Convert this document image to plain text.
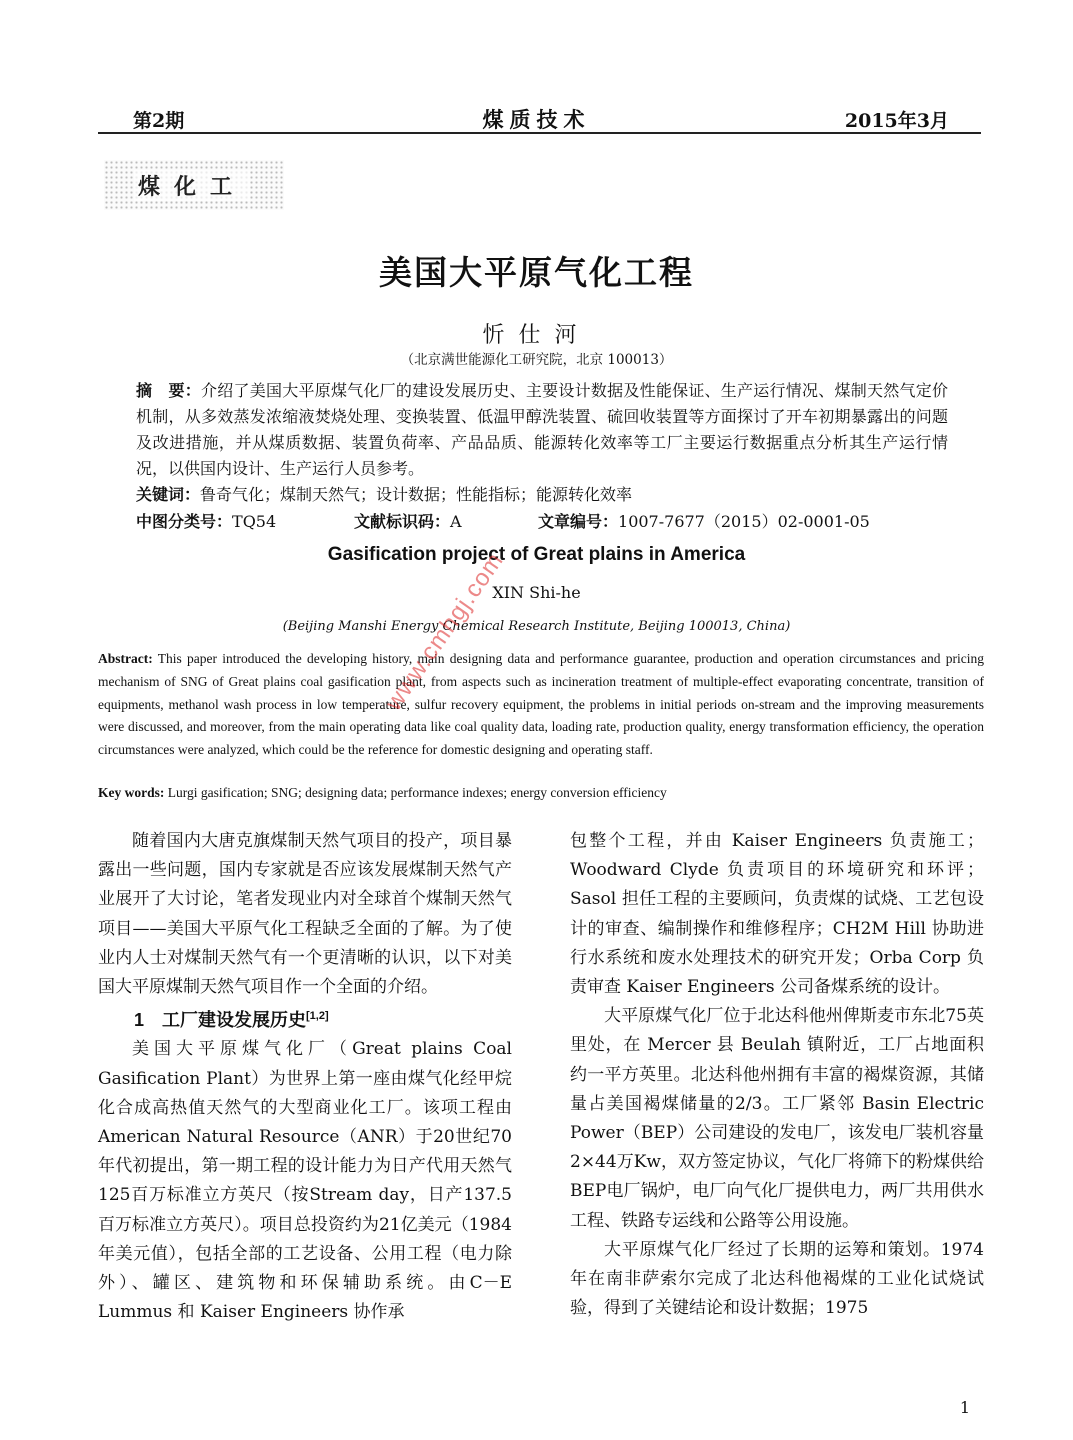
第2期	煤质技术	2015年3月
煤化工
美国大平原气化工程
忻仕河
（北京满世能源化工研究院，北京 100013）
摘　要：介绍了美国大平原煤气化厂的建设发展历史、主要设计数据及性能保证、生产运行情况、煤制天然气定价机制，从多效蒸发浓缩液焚烧处理、变换装置、低温甲醇洗装置、硫回收装置等方面探讨了开车初期暴露出的问题及改进措施，并从煤质数据、装置负荷率、产品品质、能源转化效率等工厂主要运行数据重点分析其生产运行情况，以供国内设计、生产运行人员参考。
关键词：鲁奇气化；煤制天然气；设计数据；性能指标；能源转化效率
中图分类号：TQ54	文献标识码：A	文章编号：1007-7677（2015）02-0001-05
Gasification project of Great plains in America
XIN Shi-he
(Beijing Manshi Energy Chemical Research Institute, Beijing 100013, China)
Abstract: This paper introduced the developing history, main designing data and performance guarantee, production and operation circumstances and pricing mechanism of SNG of Great plains coal gasification plant, from aspects such as incineration treatment of multiple-effect evaporating concentrate, transition of equipments, methanol wash process in low temperature, sulfur recovery equipment, the problems in initial periods on-stream and the improving measurements were discussed, and moreover, from the main operating data like coal quality data, loading rate, production quality, energy transformation efficiency, the operation circumstances were analyzed, which could be the reference for domestic designing and operating staff.
Key words: Lurgi gasification; SNG; designing data; performance indexes; energy conversion efficiency
www.cmhgj.com

随着国内大唐克旗煤制天然气项目的投产，项目暴露出一些问题，国内专家就是否应该发展煤制天然气产业展开了大讨论，笔者发现业内对全球首个煤制天然气项目——美国大平原气化工程缺乏全面的了解。为了使业内人士对煤制天然气有一个更清晰的认识，以下对美国大平原煤制天然气项目作一个全面的介绍。

1　工厂建设发展历史[1,2]

美国大平原煤气化厂（Great plains Coal Gasification Plant）为世界上第一座由煤气化经甲烷化合成高热值天然气的大型商业化工厂。该项工程由 American Natural Resource（ANR）于20世纪70年代初提出，第一期工程的设计能力为日产代用天然气125百万标准立方英尺（按Stream day，日产137.5百万标准立方英尺）。项目总投资约为21亿美元（1984年美元值），包括全部的工艺设备、公用工程（电力除外）、罐区、建筑物和环保辅助系统。由C－E Lummus 和 Kaiser Engineers 协作承

包整个工程，并由 Kaiser Engineers 负责施工；Woodward Clyde 负责项目的环境研究和环评；Sasol 担任工程的主要顾问，负责煤的试烧、工艺包设计的审查、编制操作和维修程序；CH2M Hill 协助进行水系统和废水处理技术的研究开发；Orba Corp 负责审查 Kaiser Engineers 公司备煤系统的设计。

大平原煤气化厂位于北达科他州俾斯麦市东北75英里处，在 Mercer 县 Beulah 镇附近，工厂占地面积约一平方英里。北达科他州拥有丰富的褐煤资源，其储量占美国褐煤储量的2/3。工厂紧邻 Basin Electric Power（BEP）公司建设的发电厂，该发电厂装机容量2×44万Kw，双方签定协议，气化厂将筛下的粉煤供给BEP电厂锅炉，电厂向气化厂提供电力，两厂共用供水工程、铁路专运线和公路等公用设施。

大平原煤气化厂经过了长期的运筹和策划。1974年在南非萨索尔完成了北达科他褐煤的工业化试烧试验，得到了关键结论和设计数据；1975

1
